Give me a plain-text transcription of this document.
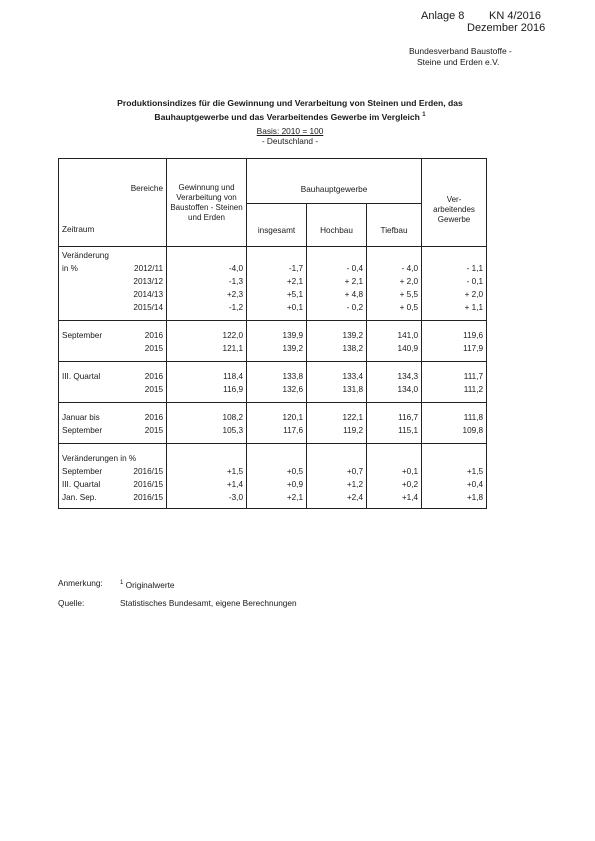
Anlage 8 KN 4/2016
Dezember 2016
Bundesverband Baustoffe -
Steine und Erden e.V.
Produktionsindizes für die Gewinnung und Verarbeitung von Steinen und Erden, das
Bauhauptgewerbe und das Verarbeitendes Gewerbe im Vergleich $^1$
Basis: 2010 = 100
- Deutschland -
Bereiche		Gewinnung und Verarbeitung von Baustoffen - Steinen und Erden	Bauhauptgewerbe			Ver- arbeitendes Gewerbe
Zeitraum			insgesamt	Hochbau	Tiefbau	

Veränderung						
in %	2012/11	-4,0	-1,7	- 0,4	- 4,0	- 1,1
	2013/12	-1,3	+2,1	+ 2,1	+ 2,0	- 0,1
	2014/13	+2,3	+5,1	+ 4,8	+ 5,5	+ 2,0
	2015/14	-1,2	+0,1	- 0,2	+ 0,5	+ 1,1

September	2016	122,0	139,9	139,2	141,0	119,6
	2015	121,1	139,2	138,2	140,9	117,9

III. Quartal	2016	118,4	133,8	133,4	134,3	111,7
	2015	116,9	132,6	131,8	134,0	111,2

Januar bis	2016	108,2	120,1	122,1	116,7	111,8
September	2015	105,3	117,6	119,2	115,1	109,8

Veränderungen in %						
September	2016/15	+1,5	+0,5	+0,7	+0,1	+1,5
III. Quartal	2016/15	+1,4	+0,9	+1,2	+0,2	+0,4
Jan. Sep.	2016/15	-3,0	+2,1	+2,4	+1,4	+1,8

Anmerkung:	$^1$ Originalwerte
Quelle:	Statistisches Bundesamt, eigene Berechnungen
